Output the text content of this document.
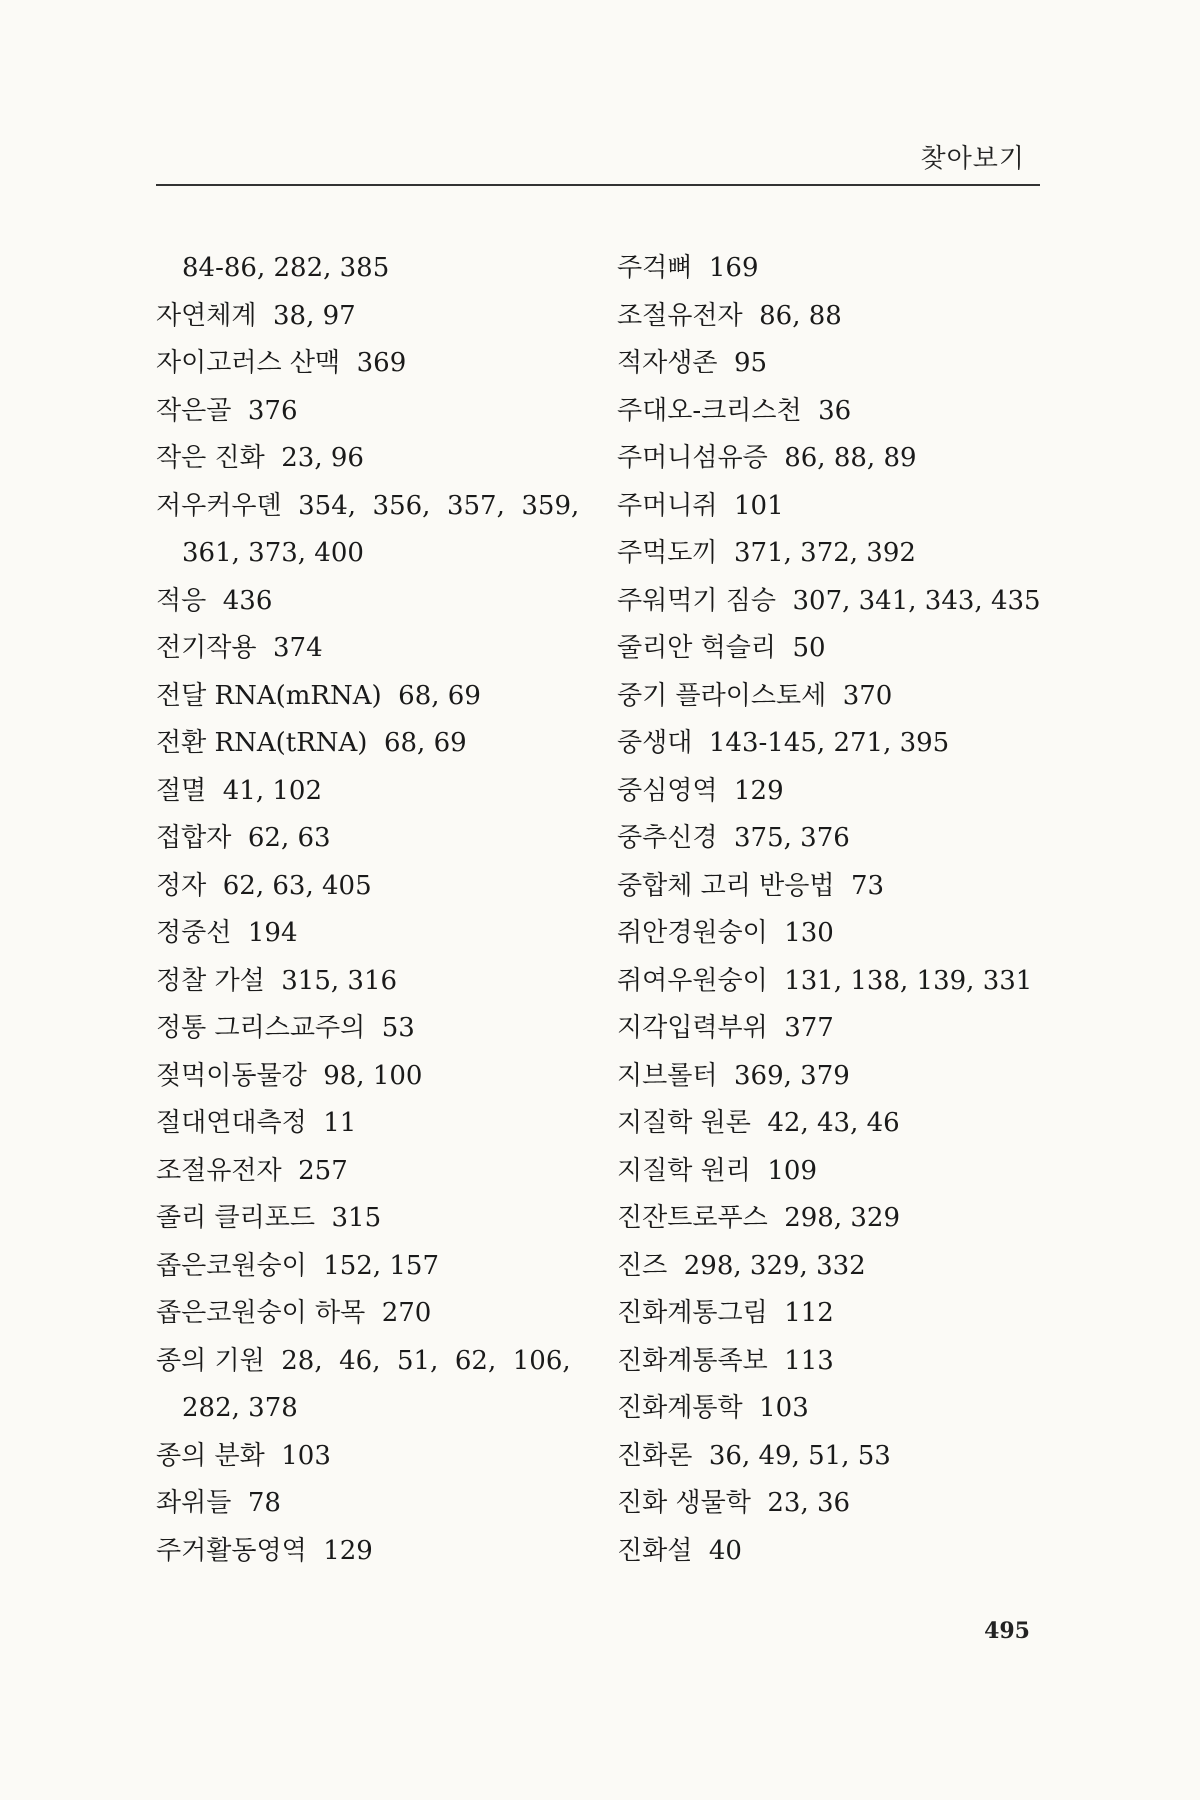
찾아보기
84-86, 282, 385
자연체계  38, 97
자이고러스 산맥  369
작은골  376
작은 진화  23, 96
저우커우뎬  354,  356,  357,  359,
361, 373, 400
적응  436
전기작용  374
전달 RNA(mRNA)  68, 69
전환 RNA(tRNA)  68, 69
절멸  41, 102
접합자  62, 63
정자  62, 63, 405
정중선  194
정찰 가설  315, 316
정통 그리스교주의  53
젖먹이동물강  98, 100
절대연대측정  11
조절유전자  257
졸리 클리포드  315
좁은코원숭이  152, 157
좁은코원숭이 하목  270
종의 기원  28,  46,  51,  62,  106,
282, 378
종의 분화  103
좌위들  78
주거활동영역  129
주걱뼈  169
조절유전자  86, 88
적자생존  95
주대오-크리스천  36
주머니섬유증  86, 88, 89
주머니쥐  101
주먹도끼  371, 372, 392
주워먹기 짐승  307, 341, 343, 435
줄리안 헉슬리  50
중기 플라이스토세  370
중생대  143-145, 271, 395
중심영역  129
중추신경  375, 376
중합체 고리 반응법  73
쥐안경원숭이  130
쥐여우원숭이  131, 138, 139, 331
지각입력부위  377
지브롤터  369, 379
지질학 원론  42, 43, 46
지질학 원리  109
진잔트로푸스  298, 329
진즈  298, 329, 332
진화계통그림  112
진화계통족보  113
진화계통학  103
진화론  36, 49, 51, 53
진화 생물학  23, 36
진화설  40
495
